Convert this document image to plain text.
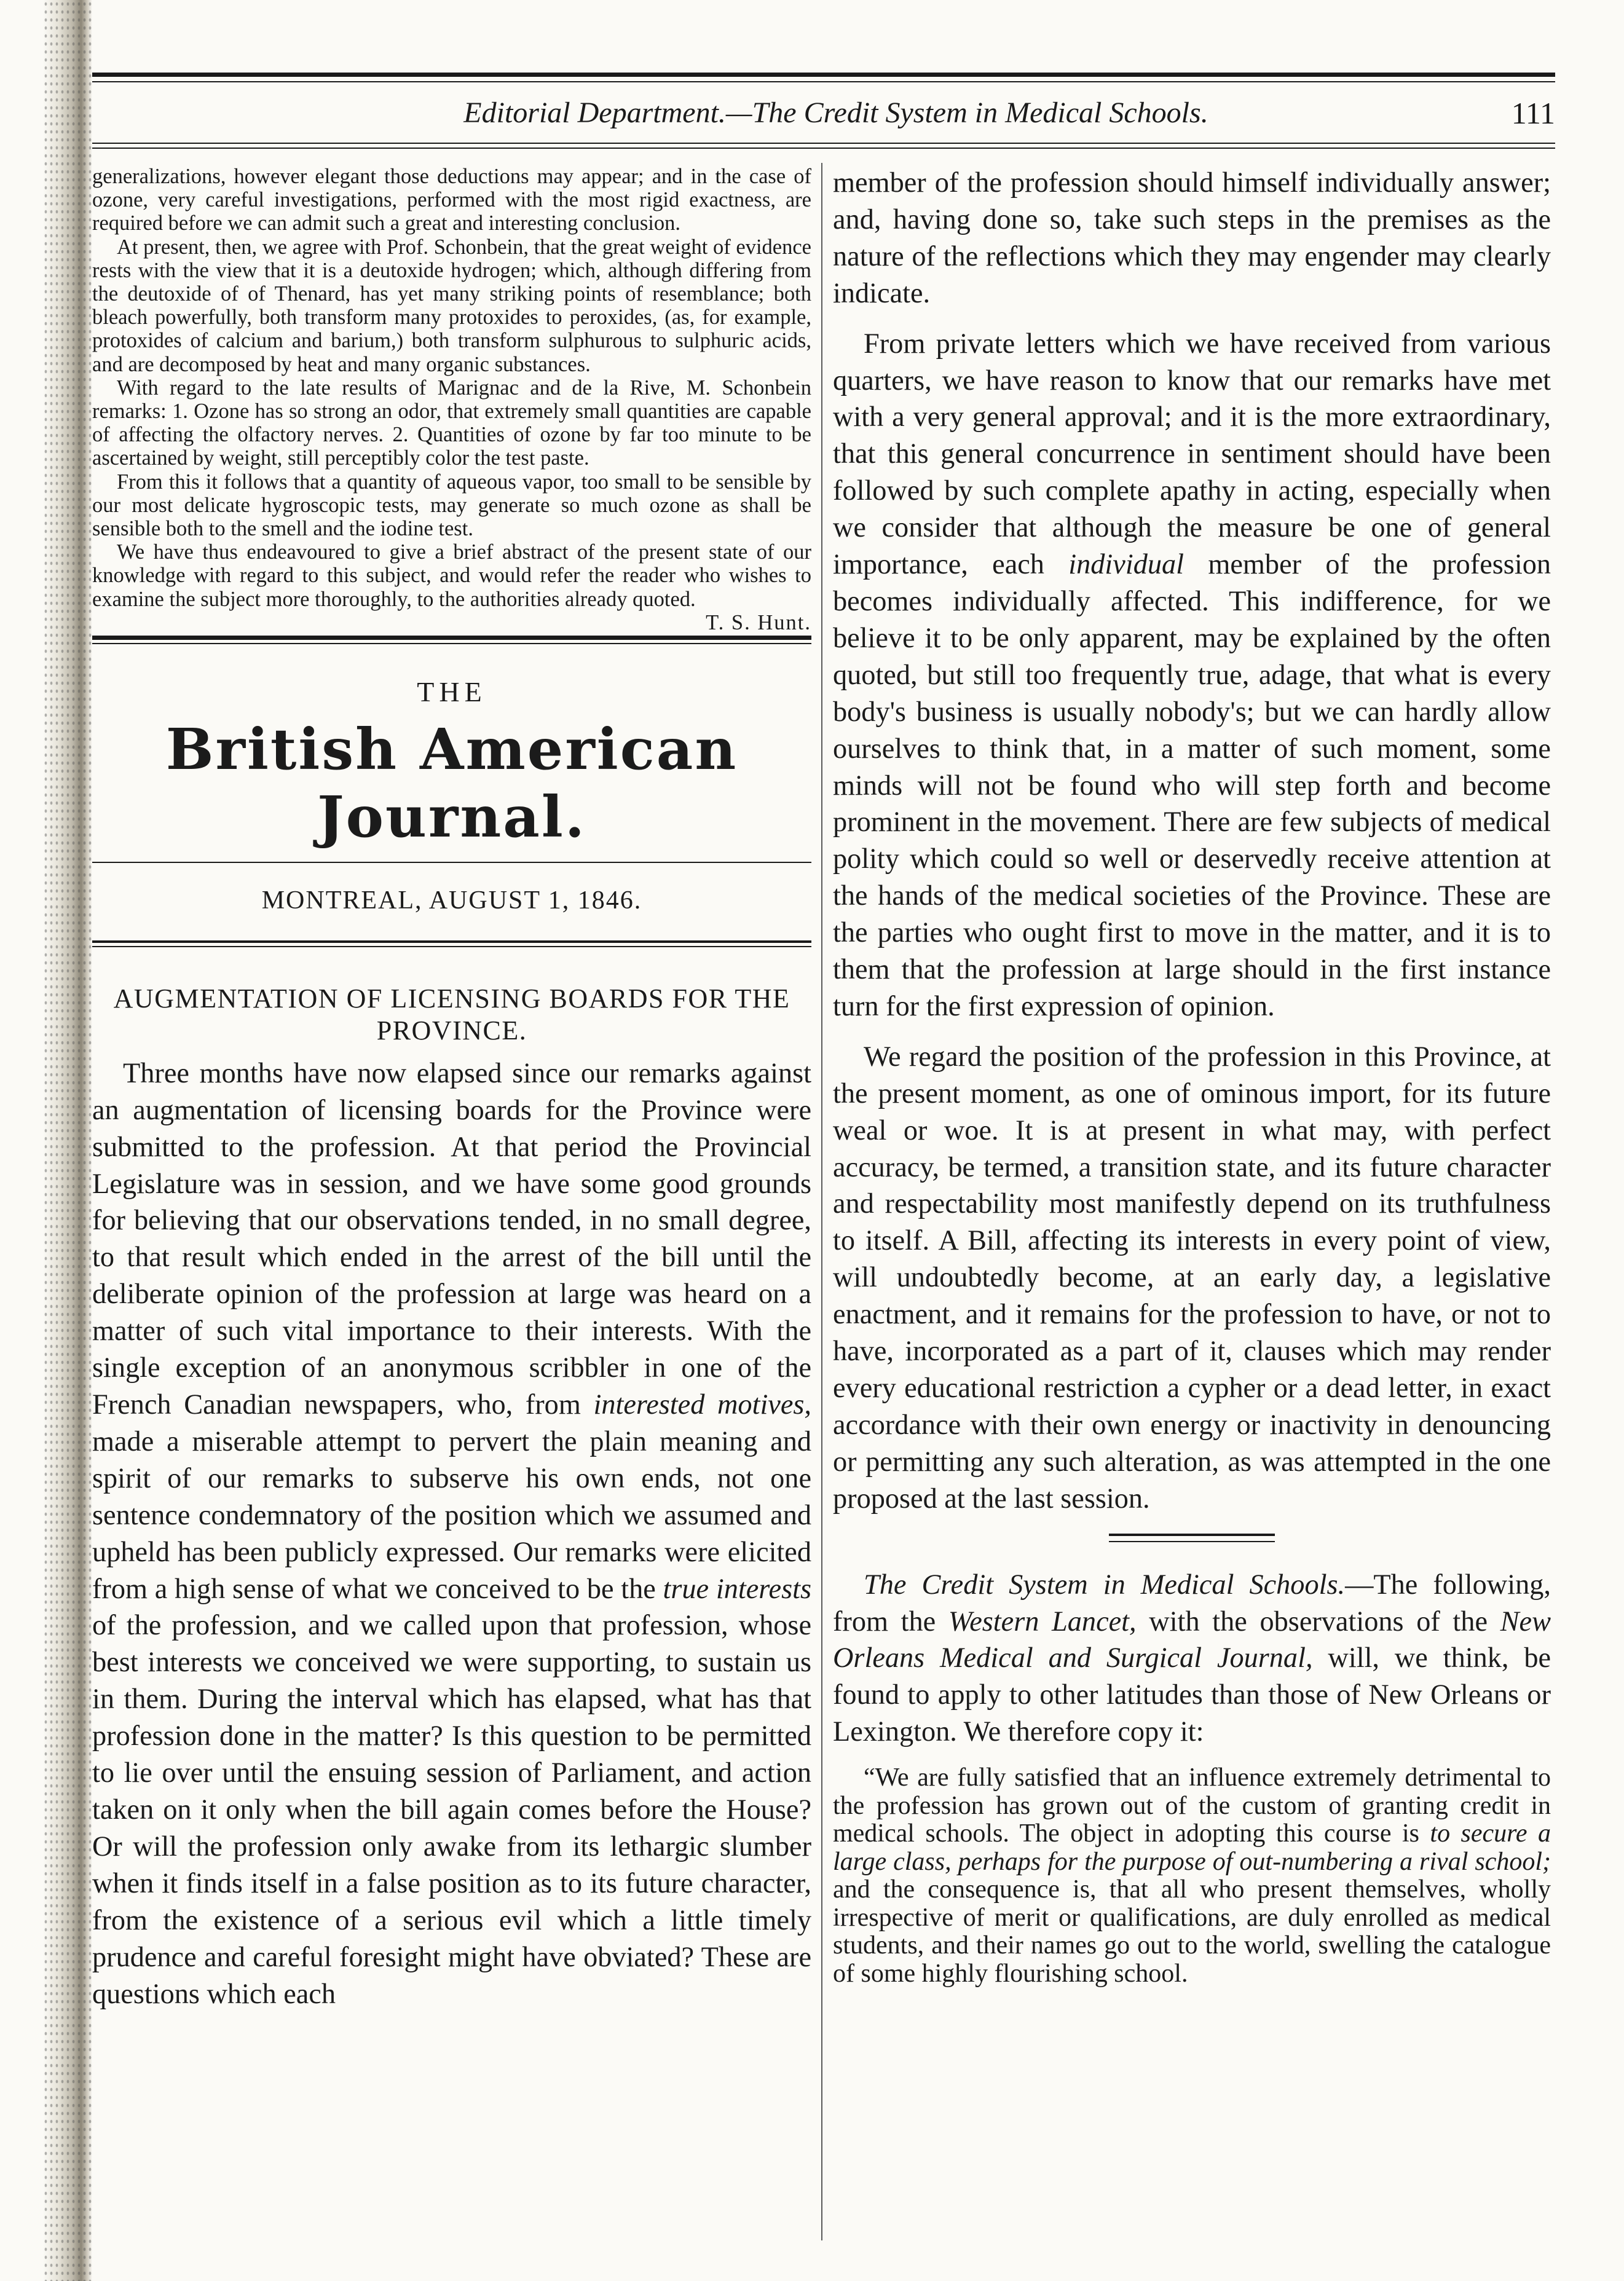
Editorial Department.—The Credit System in Medical Schools.	111

generalizations, however elegant those deductions may appear; and in the case of ozone, very careful investigations, performed with the most rigid exactness, are required before we can admit such a great and interesting conclusion.

At present, then, we agree with Prof. Schonbein, that the great weight of evidence rests with the view that it is a deutoxide hydrogen; which, although differing from the deutoxide of of Thenard, has yet many striking points of resemblance; both bleach powerfully, both transform many protoxides to peroxides, (as, for example, protoxides of calcium and barium,) both transform sulphurous to sulphuric acids, and are decomposed by heat and many organic substances.

With regard to the late results of Marignac and de la Rive, M. Schonbein remarks: 1. Ozone has so strong an odor, that extremely small quantities are capable of affecting the olfactory nerves. 2. Quantities of ozone by far too minute to be ascertained by weight, still perceptibly color the test paste.

From this it follows that a quantity of aqueous vapor, too small to be sensible by our most delicate hygroscopic tests, may generate so much ozone as shall be sensible both to the smell and the iodine test.

We have thus endeavoured to give a brief abstract of the present state of our knowledge with regard to this subject, and would refer the reader who wishes to examine the subject more thoroughly, to the authorities already quoted.
T. S. Hunt.

THE
British American Journal.
MONTREAL, AUGUST 1, 1846.
AUGMENTATION OF LICENSING BOARDS FOR THE PROVINCE.

Three months have now elapsed since our remarks against an augmentation of licensing boards for the Province were submitted to the profession. At that period the Provincial Legislature was in session, and we have some good grounds for believing that our observations tended, in no small degree, to that result which ended in the arrest of the bill until the deliberate opinion of the profession at large was heard on a matter of such vital importance to their interests. With the single exception of an anonymous scribbler in one of the French Canadian newspapers, who, from interested motives, made a miserable attempt to pervert the plain meaning and spirit of our remarks to subserve his own ends, not one sentence condemnatory of the position which we assumed and upheld has been publicly expressed. Our remarks were elicited from a high sense of what we conceived to be the true interests of the profession, and we called upon that profession, whose best interests we conceived we were supporting, to sustain us in them. During the interval which has elapsed, what has that profession done in the matter? Is this question to be permitted to lie over until the ensuing session of Parliament, and action taken on it only when the bill again comes before the House? Or will the profession only awake from its lethargic slumber when it finds itself in a false position as to its future character, from the existence of a serious evil which a little timely prudence and careful foresight might have obviated? These are questions which each

member of the profession should himself individually answer; and, having done so, take such steps in the premises as the nature of the reflections which they may engender may clearly indicate.

From private letters which we have received from various quarters, we have reason to know that our remarks have met with a very general approval; and it is the more extraordinary, that this general concurrence in sentiment should have been followed by such complete apathy in acting, especially when we consider that although the measure be one of general importance, each individual member of the profession becomes individually affected. This indifference, for we believe it to be only apparent, may be explained by the often quoted, but still too frequently true, adage, that what is every body's business is usually nobody's; but we can hardly allow ourselves to think that, in a matter of such moment, some minds will not be found who will step forth and become prominent in the movement. There are few subjects of medical polity which could so well or deservedly receive attention at the hands of the medical societies of the Province. These are the parties who ought first to move in the matter, and it is to them that the profession at large should in the first instance turn for the first expression of opinion.

We regard the position of the profession in this Province, at the present moment, as one of ominous import, for its future weal or woe. It is at present in what may, with perfect accuracy, be termed, a transition state, and its future character and respectability most manifestly depend on its truthfulness to itself. A Bill, affecting its interests in every point of view, will undoubtedly become, at an early day, a legislative enactment, and it remains for the profession to have, or not to have, incorporated as a part of it, clauses which may render every educational restriction a cypher or a dead letter, in exact accordance with their own energy or inactivity in denouncing or permitting any such alteration, as was attempted in the one proposed at the last session.

The Credit System in Medical Schools.—The following, from the Western Lancet, with the observations of the New Orleans Medical and Surgical Journal, will, we think, be found to apply to other latitudes than those of New Orleans or Lexington. We therefore copy it:

“We are fully satisfied that an influence extremely detrimental to the profession has grown out of the custom of granting credit in medical schools. The object in adopting this course is to secure a large class, perhaps for the purpose of out-numbering a rival school; and the consequence is, that all who present themselves, wholly irrespective of merit or qualifications, are duly enrolled as medical students, and their names go out to the world, swelling the catalogue of some highly flourishing school.
